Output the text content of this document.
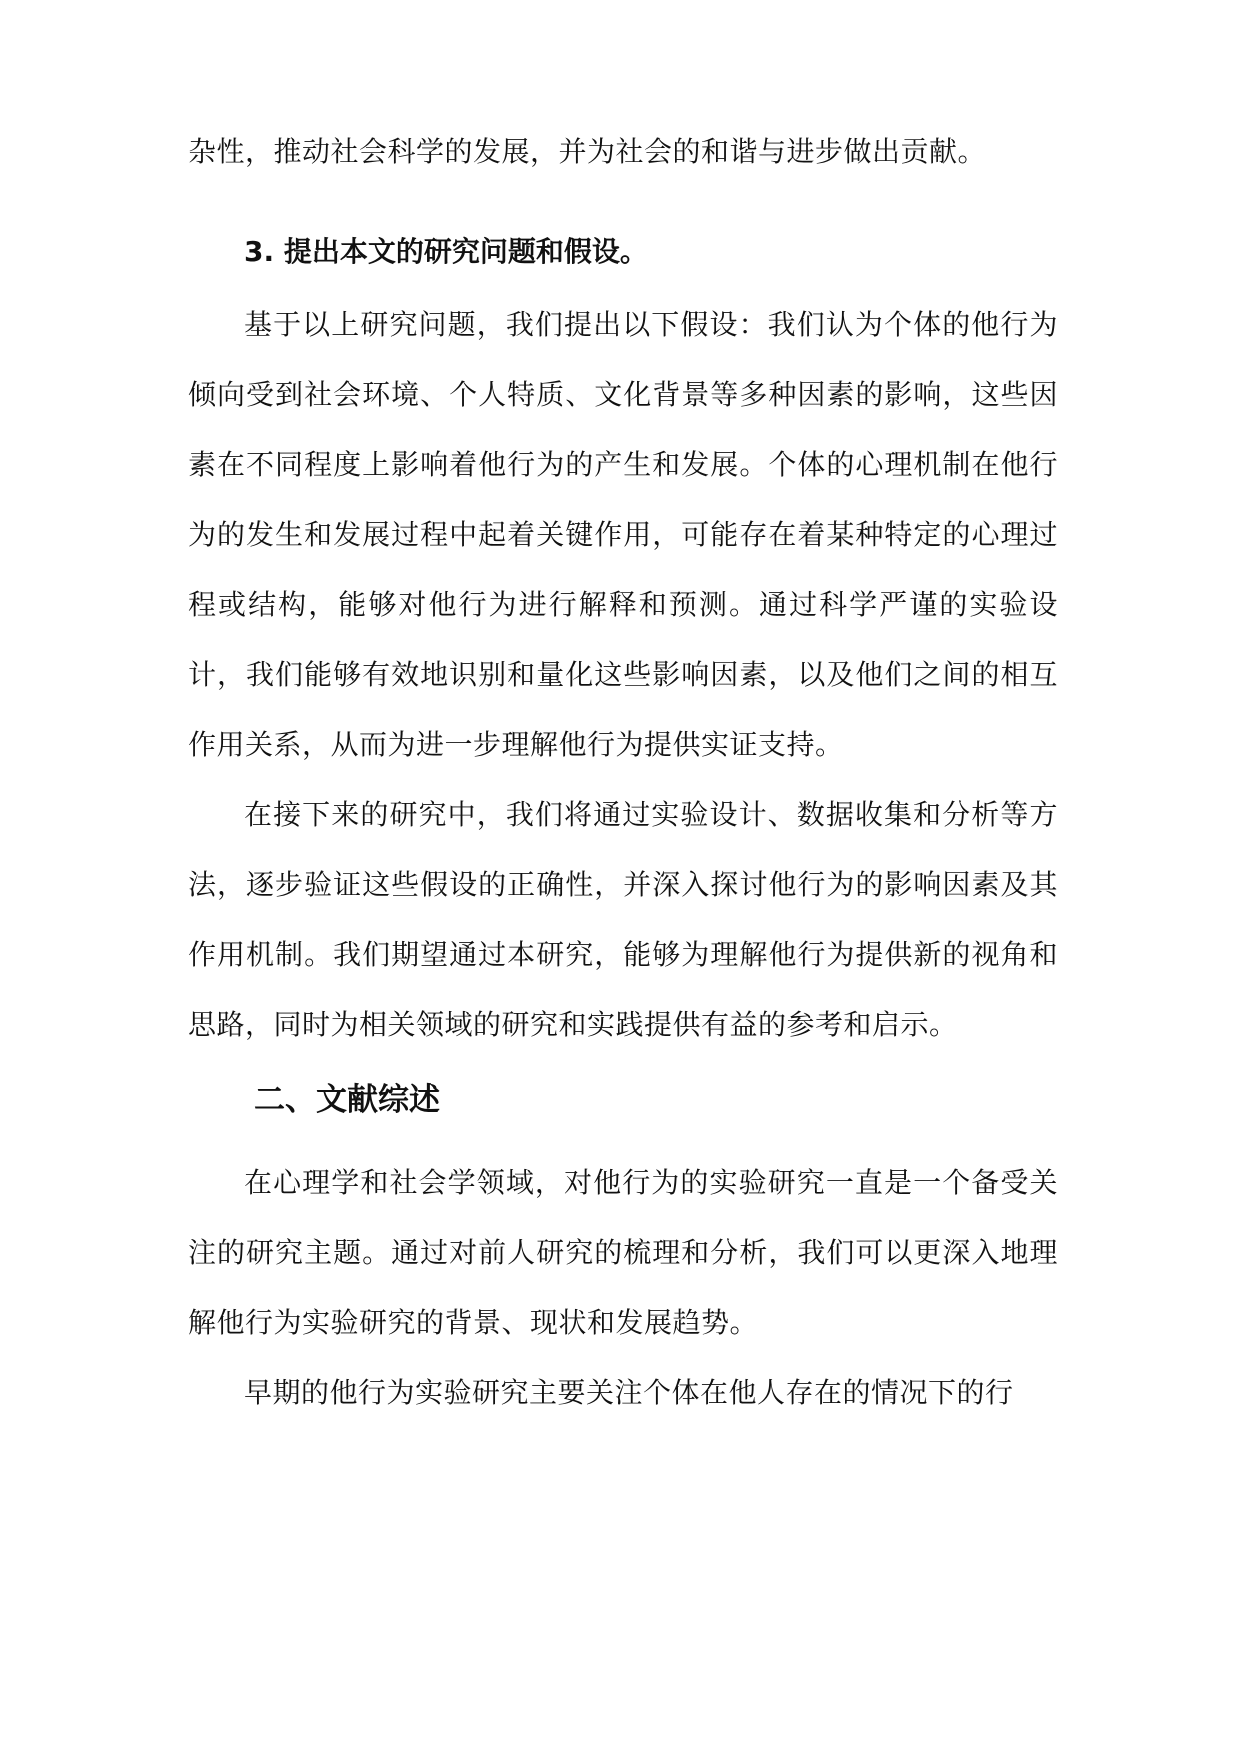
杂性，推动社会科学的发展，并为社会的和谐与进步做出贡献。

3. 提出本文的研究问题和假设。

基于以上研究问题，我们提出以下假设：我们认为个体的他行为倾向受到社会环境、个人特质、文化背景等多种因素的影响，这些因素在不同程度上影响着他行为的产生和发展。个体的心理机制在他行为的发生和发展过程中起着关键作用，可能存在着某种特定的心理过程或结构，能够对他行为进行解释和预测。通过科学严谨的实验设计，我们能够有效地识别和量化这些影响因素，以及他们之间的相互作用关系，从而为进一步理解他行为提供实证支持。

在接下来的研究中，我们将通过实验设计、数据收集和分析等方法，逐步验证这些假设的正确性，并深入探讨他行为的影响因素及其作用机制。我们期望通过本研究，能够为理解他行为提供新的视角和思路，同时为相关领域的研究和实践提供有益的参考和启示。

二、文献综述

在心理学和社会学领域，对他行为的实验研究一直是一个备受关注的研究主题。通过对前人研究的梳理和分析，我们可以更深入地理解他行为实验研究的背景、现状和发展趋势。

早期的他行为实验研究主要关注个体在他人存在的情况下的行
